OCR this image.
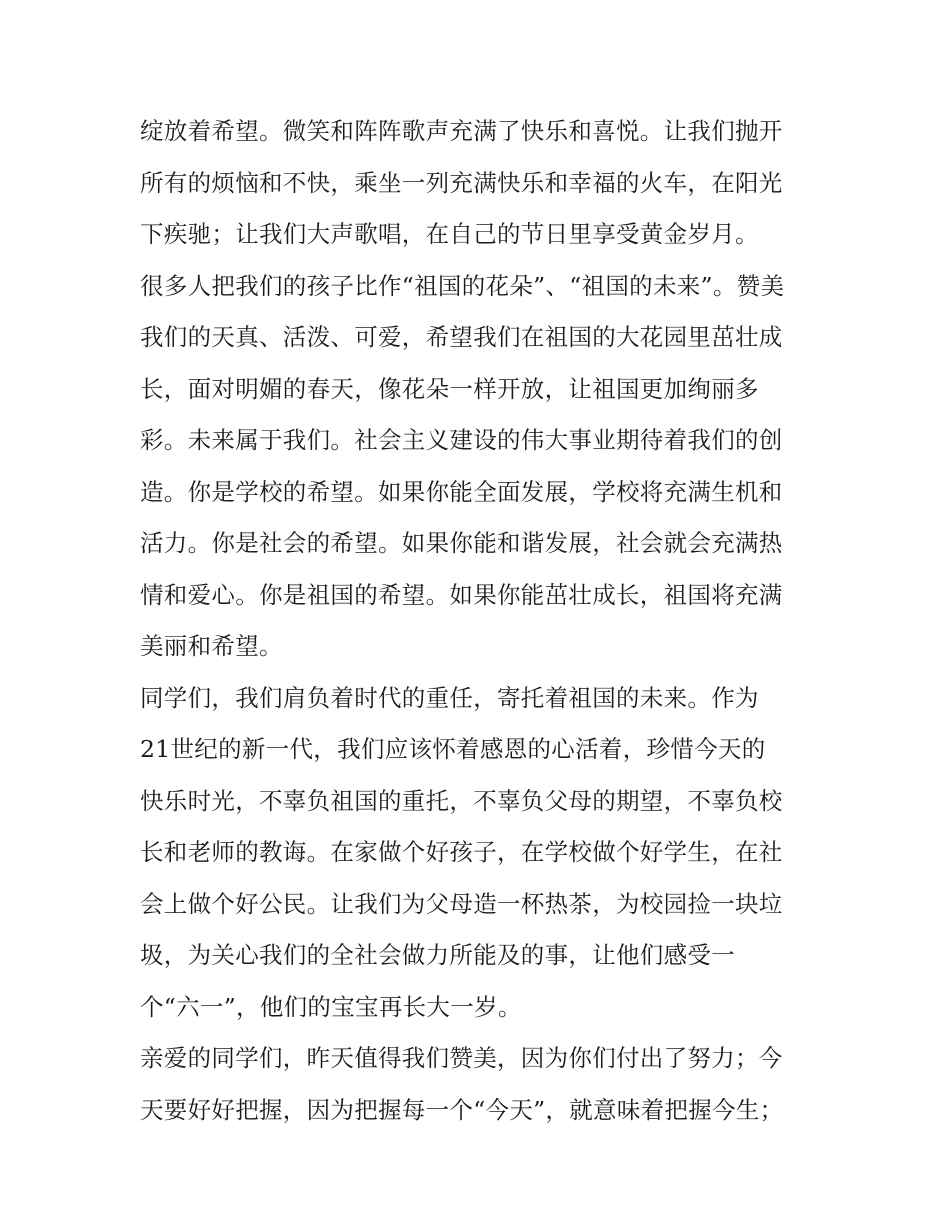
绽放着希望。微笑和阵阵歌声充满了快乐和喜悦。让我们抛开
所有的烦恼和不快，乘坐一列充满快乐和幸福的火车，在阳光
下疾驰；让我们大声歌唱，在自己的节日里享受黄金岁月。
很多人把我们的孩子比作“祖国的花朵”、“祖国的未来”。赞美
我们的天真、活泼、可爱，希望我们在祖国的大花园里茁壮成
长，面对明媚的春天，像花朵一样开放，让祖国更加绚丽多
彩。未来属于我们。社会主义建设的伟大事业期待着我们的创
造。你是学校的希望。如果你能全面发展，学校将充满生机和
活力。你是社会的希望。如果你能和谐发展，社会就会充满热
情和爱心。你是祖国的希望。如果你能茁壮成长，祖国将充满
美丽和希望。
同学们，我们肩负着时代的重任，寄托着祖国的未来。作为
21世纪的新一代，我们应该怀着感恩的心活着，珍惜今天的
快乐时光，不辜负祖国的重托，不辜负父母的期望，不辜负校
长和老师的教诲。在家做个好孩子，在学校做个好学生，在社
会上做个好公民。让我们为父母造一杯热茶，为校园捡一块垃
圾，为关心我们的全社会做力所能及的事，让他们感受一
个“六一”，他们的宝宝再长大一岁。
亲爱的同学们，昨天值得我们赞美，因为你们付出了努力；今
天要好好把握，因为把握每一个“今天”，就意味着把握今生；
